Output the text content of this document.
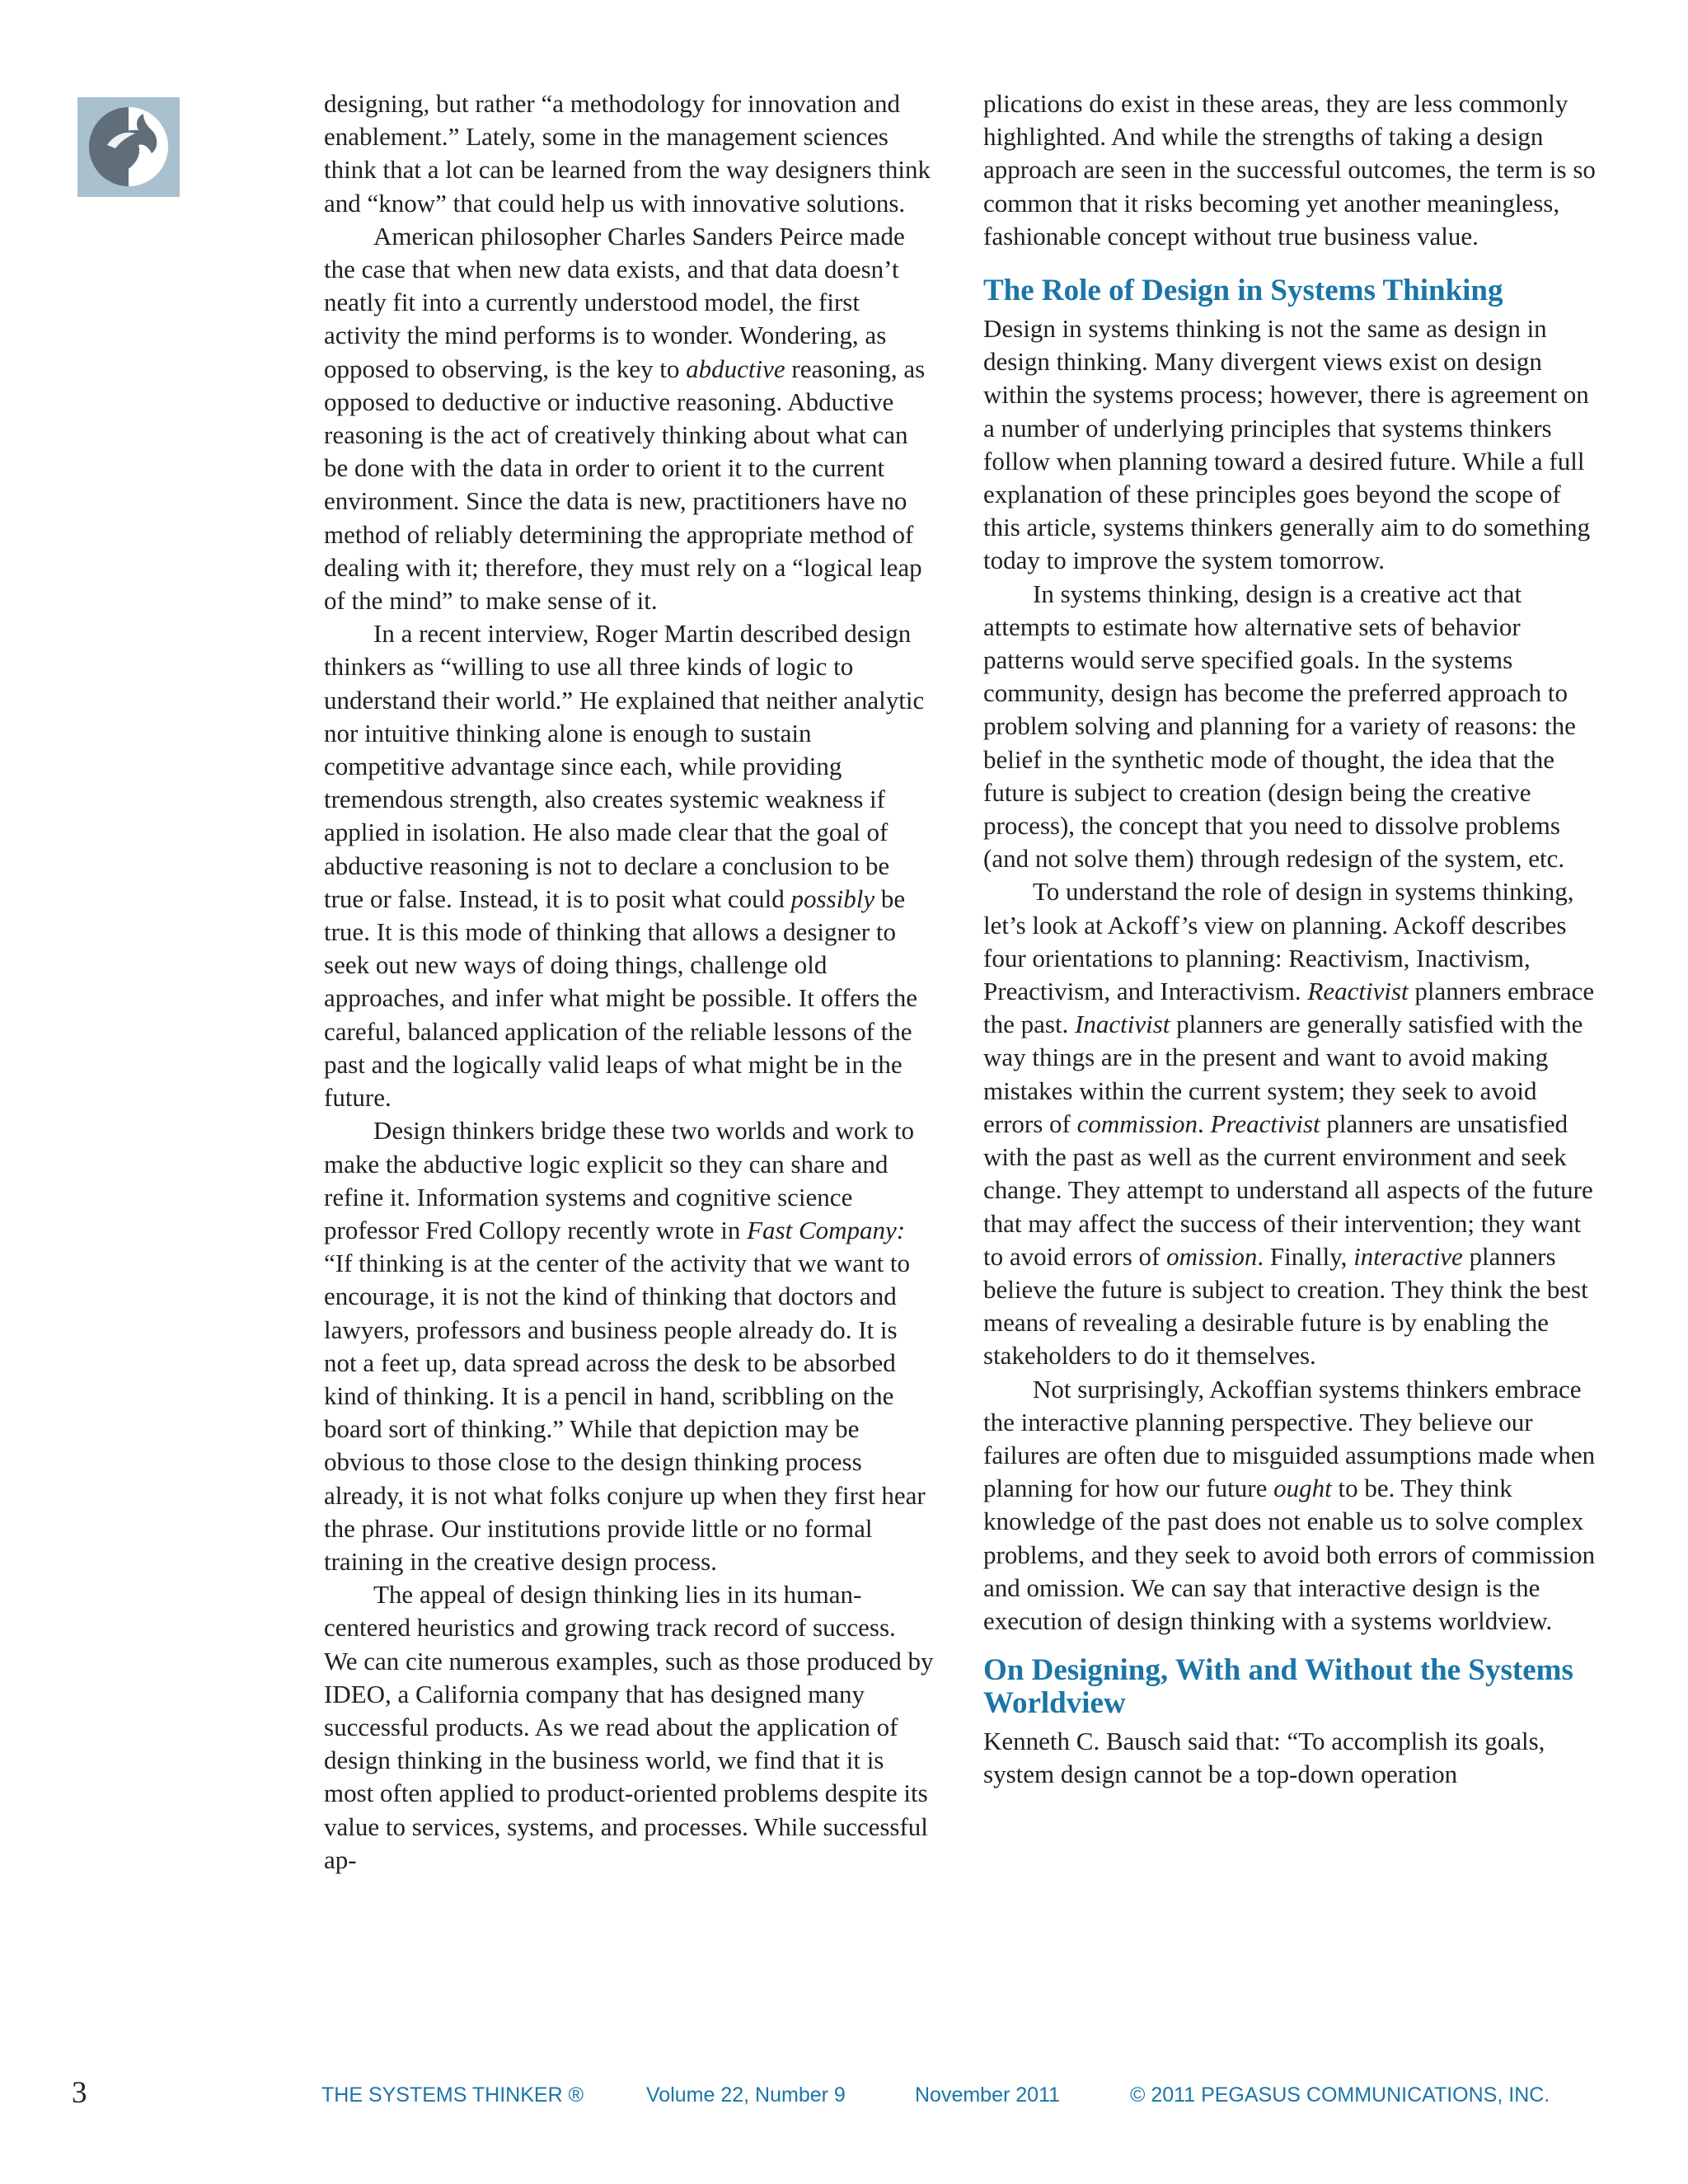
designing, but rather “a methodology for innovation and enablement.” Lately, some in the management sciences think that a lot can be learned from the way designers think and “know” that could help us with innovative solutions.

American philosopher Charles Sanders Peirce made the case that when new data exists, and that data doesn’t neatly fit into a currently understood model, the first activity the mind performs is to wonder. Wondering, as opposed to observing, is the key to abductive reasoning, as opposed to deductive or inductive reasoning. Abductive reasoning is the act of creatively thinking about what can be done with the data in order to orient it to the current environment. Since the data is new, practitioners have no method of reliably determining the appropriate method of dealing with it; therefore, they must rely on a “logical leap of the mind” to make sense of it.

In a recent interview, Roger Martin described design thinkers as “willing to use all three kinds of logic to understand their world.” He explained that neither analytic nor intuitive thinking alone is enough to sustain competitive advantage since each, while providing tremendous strength, also creates systemic weakness if applied in isolation. He also made clear that the goal of abductive reasoning is not to declare a conclusion to be true or false. Instead, it is to posit what could possibly be true. It is this mode of thinking that allows a designer to seek out new ways of doing things, challenge old approaches, and infer what might be possible. It offers the careful, balanced application of the reliable lessons of the past and the logically valid leaps of what might be in the future.

Design thinkers bridge these two worlds and work to make the abductive logic explicit so they can share and refine it. Information systems and cognitive science professor Fred Collopy recently wrote in Fast Company: “If thinking is at the center of the activity that we want to encourage, it is not the kind of thinking that doctors and lawyers, professors and business people already do. It is not a feet up, data spread across the desk to be absorbed kind of thinking. It is a pencil in hand, scribbling on the board sort of thinking.” While that depiction may be obvious to those close to the design thinking process already, it is not what folks conjure up when they first hear the phrase. Our institutions provide little or no formal training in the creative design process.

The appeal of design thinking lies in its human-centered heuristics and growing track record of success. We can cite numerous examples, such as those produced by IDEO, a California company that has designed many successful products. As we read about the application of design thinking in the business world, we find that it is most often applied to product-oriented problems despite its value to services, systems, and processes. While successful ap-

plications do exist in these areas, they are less commonly highlighted. And while the strengths of taking a design approach are seen in the successful outcomes, the term is so common that it risks becoming yet another meaningless, fashionable concept without true business value.

The Role of Design in Systems Thinking

Design in systems thinking is not the same as design in design thinking. Many divergent views exist on design within the systems process; however, there is agreement on a number of underlying principles that systems thinkers follow when planning toward a desired future. While a full explanation of these principles goes beyond the scope of this article, systems thinkers generally aim to do something today to improve the system tomorrow.

In systems thinking, design is a creative act that attempts to estimate how alternative sets of behavior patterns would serve specified goals. In the systems community, design has become the preferred approach to problem solving and planning for a variety of reasons: the belief in the synthetic mode of thought, the idea that the future is subject to creation (design being the creative process), the concept that you need to dissolve problems (and not solve them) through redesign of the system, etc.

To understand the role of design in systems thinking, let’s look at Ackoff’s view on planning. Ackoff describes four orientations to planning: Reactivism, Inactivism, Preactivism, and Interactivism. Reactivist planners embrace the past. Inactivist planners are generally satisfied with the way things are in the present and want to avoid making mistakes within the current system; they seek to avoid errors of commission. Preactivist planners are unsatisfied with the past as well as the current environment and seek change. They attempt to understand all aspects of the future that may affect the success of their intervention; they want to avoid errors of omission. Finally, interactive planners believe the future is subject to creation. They think the best means of revealing a desirable future is by enabling the stakeholders to do it themselves.

Not surprisingly, Ackoffian systems thinkers embrace the interactive planning perspective. They believe our failures are often due to misguided assumptions made when planning for how our future ought to be. They think knowledge of the past does not enable us to solve complex problems, and they seek to avoid both errors of commission and omission. We can say that interactive design is the execution of design thinking with a systems worldview.

On Designing, With and Without the Systems Worldview

Kenneth C. Bausch said that: “To accomplish its goals, system design cannot be a top-down operation

3	THE SYSTEMS THINKER ®	Volume 22, Number 9	November 2011	© 2011 PEGASUS COMMUNICATIONS, INC.
